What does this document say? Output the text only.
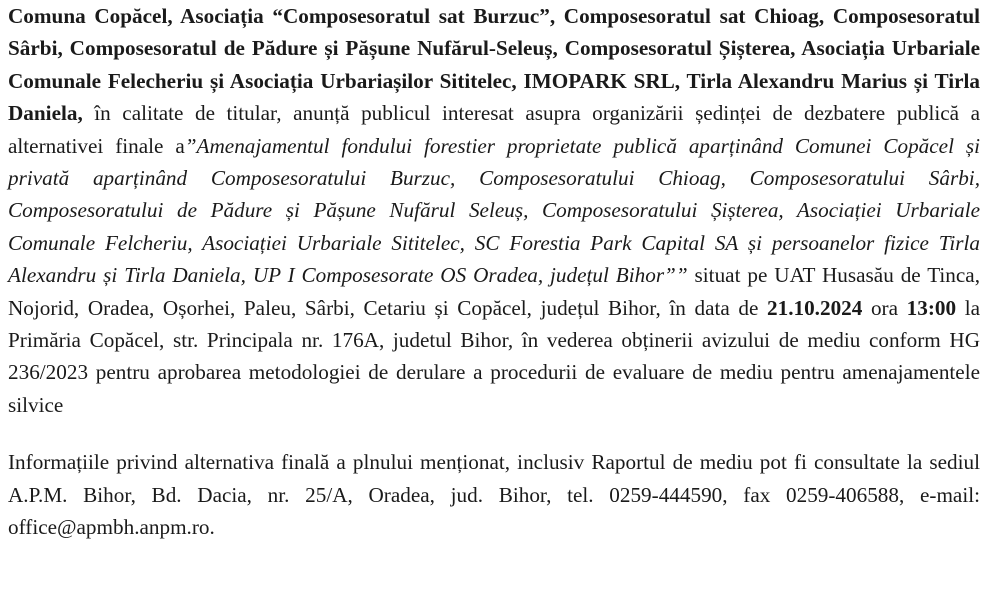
Comuna Copăcel, Asociația “Composesoratul sat Burzuc”, Composesoratul sat Chioag, Composesoratul Sârbi, Composesoratul de Pădure și Pășune Nufărul-Seleuș, Composesoratul Șișterea, Asociația Urbariale Comunale Felecheriu și Asociația Urbariașilor Sititelec, IMOPARK SRL, Tirla Alexandru Marius și Tirla Daniela, în calitate de titular, anunță publicul interesat asupra organizării ședinței de dezbatere publică a alternativei finale a”Amenajamentul fondului forestier proprietate publică aparținând Comunei Copăcel și privată aparținând Composesoratului Burzuc, Composesoratului Chioag, Composesoratului Sârbi, Composesoratului de Pădure și Pășune Nufărul Seleuș, Composesoratului Șișterea, Asociației Urbariale Comunale Felcheriu, Asociației Urbariale Sititelec, SC Forestia Park Capital SA și persoanelor fizice Tirla Alexandru și Tirla Daniela, UP I Composesorate OS Oradea, județul Bihor”” situat pe UAT Husasău de Tinca, Nojorid, Oradea, Oșorhei, Paleu, Sârbi, Cetariu și Copăcel, județul Bihor, în data de 21.10.2024 ora 13:00 la Primăria Copăcel, str. Principala nr. 176A, judetul Bihor, în vederea obținerii avizului de mediu conform HG 236/2023 pentru aprobarea metodologiei de derulare a procedurii de evaluare de mediu pentru amenajamentele silvice

Informațiile privind alternativa finală a plnului menționat, inclusiv Raportul de mediu pot fi consultate la sediul A.P.M. Bihor, Bd. Dacia, nr. 25/A, Oradea, jud. Bihor, tel. 0259-444590, fax 0259-406588, e-mail: office@apmbh.anpm.ro.
